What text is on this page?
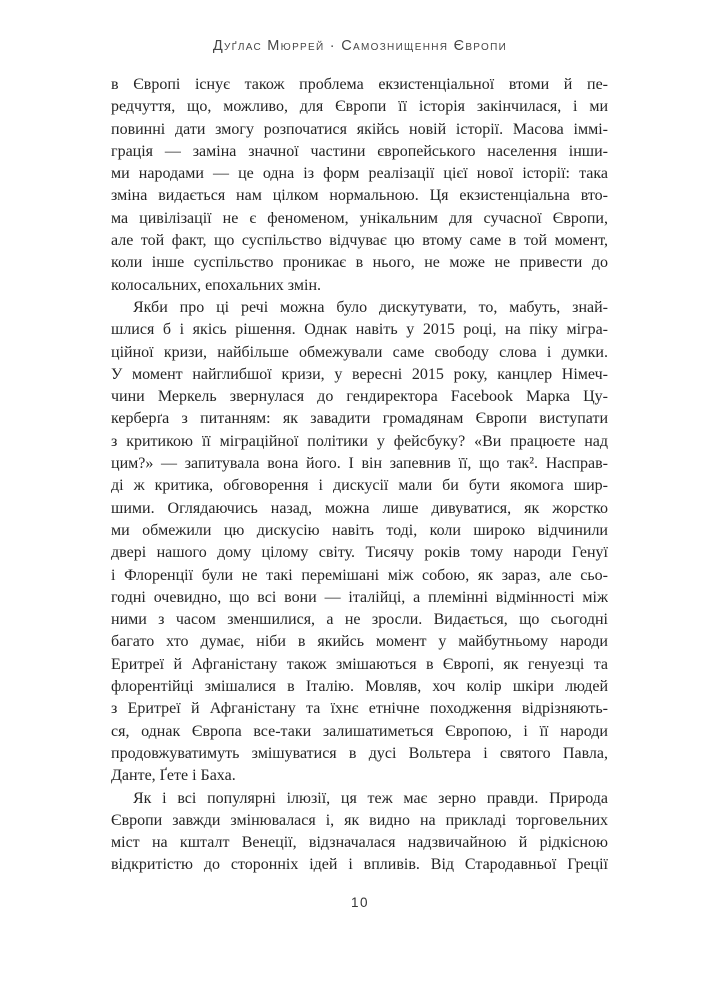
Дуґлас Мюррей · Самознищення Європи
в Європі існує також проблема екзистенціальної втоми й пе-
редчуття, що, можливо, для Європи її історія закінчилася, і ми
повинні дати змогу розпочатися якійсь новій історії. Масова іммі-
грація — заміна значної частини європейського населення інши-
ми народами — це одна із форм реалізації цієї нової історії: така
зміна видається нам цілком нормальною. Ця екзистенціальна вто-
ма цивілізації не є феноменом, унікальним для сучасної Європи,
але той факт, що суспільство відчуває цю втому саме в той момент,
коли інше суспільство проникає в нього, не може не привести до
колосальних, епохальних змін.
Якби про ці речі можна було дискутувати, то, мабуть, знай-
шлися б і якісь рішення. Однак навіть у 2015 році, на піку мігра-
ційної кризи, найбільше обмежували саме свободу слова і думки.
У момент найглибшої кризи, у вересні 2015 року, канцлер Німеч-
чини Меркель звернулася до гендиректора Facebook Марка Цу-
керберґа з питанням: як завадити громадянам Європи виступати
з критикою її міграційної політики у фейсбуку? «Ви працюєте над
цим?» — запитувала вона його. І він запевнив її, що так². Насправ-
ді ж критика, обговорення і дискусії мали би бути якомога шир-
шими. Оглядаючись назад, можна лише дивуватися, як жорстко
ми обмежили цю дискусію навіть тоді, коли широко відчинили
двері нашого дому цілому світу. Тисячу років тому народи Генуї
і Флоренції були не такі перемішані між собою, як зараз, але сьо-
годні очевидно, що всі вони — італійці, а племінні відмінності між
ними з часом зменшилися, а не зросли. Видається, що сьогодні
багато хто думає, ніби в якийсь момент у майбутньому народи
Еритреї й Афганістану також змішаються в Європі, як генуезці та
флорентійці змішалися в Італію. Мовляв, хоч колір шкіри людей
з Еритреї й Афганістану та їхнє етнічне походження відрізняють-
ся, однак Європа все-таки залишатиметься Європою, і її народи
продовжуватимуть змішуватися в дусі Вольтера і святого Павла,
Данте, Ґете і Баха.
Як і всі популярні ілюзії, ця теж має зерно правди. Природа
Європи завжди змінювалася і, як видно на прикладі торговельних
міст на кшталт Венеції, відзначалася надзвичайною й рідкісною
відкритістю до сторонніх ідей і впливів. Від Стародавньої Греції
10
